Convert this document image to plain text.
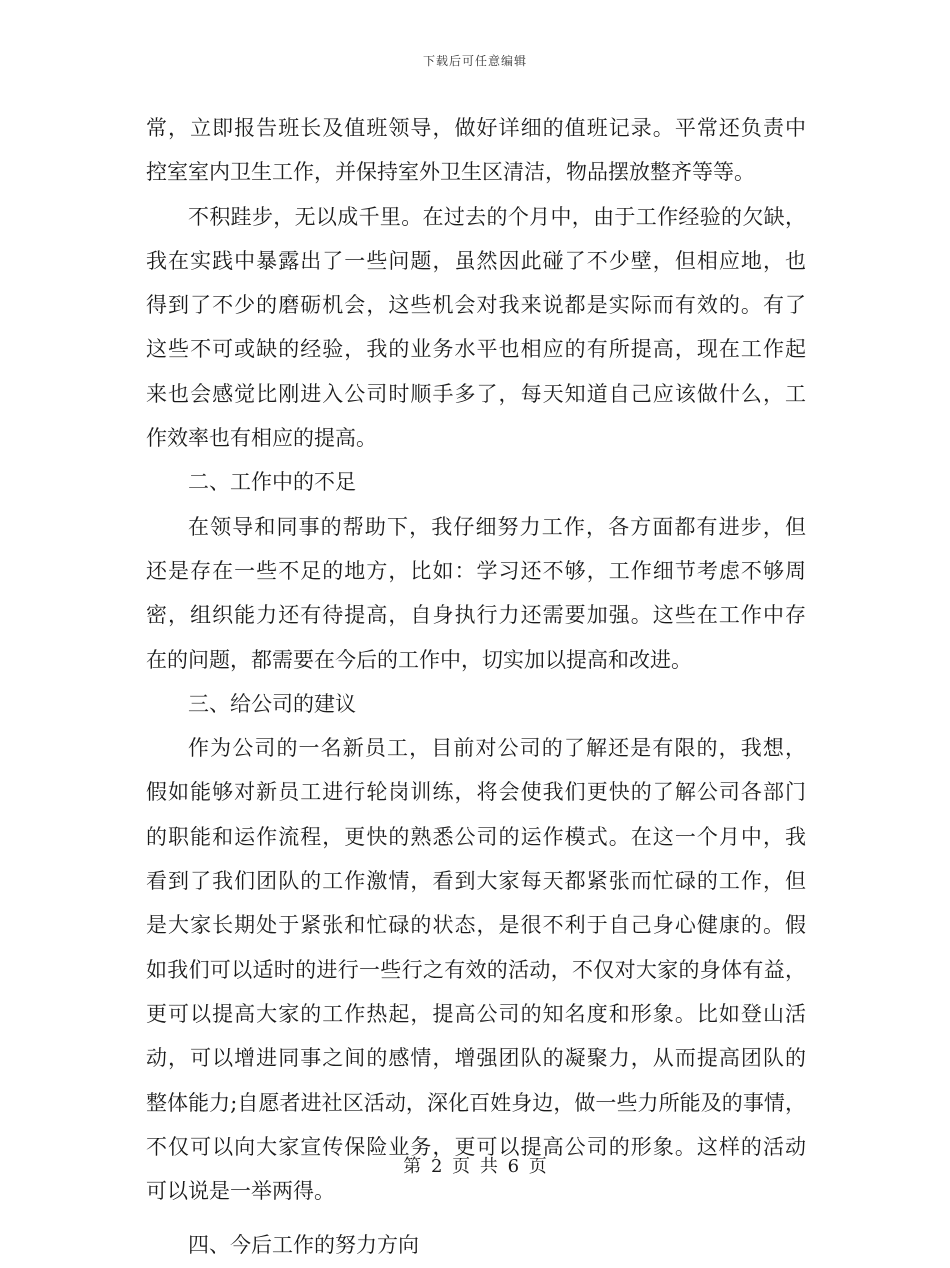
下载后可任意编辑
常，立即报告班长及值班领导，做好详细的值班记录。平常还负责中
控室室内卫生工作，并保持室外卫生区清洁，物品摆放整齐等等。
不积跬步，无以成千里。在过去的个月中，由于工作经验的欠缺，
我在实践中暴露出了一些问题，虽然因此碰了不少壁，但相应地，也
得到了不少的磨砺机会，这些机会对我来说都是实际而有效的。有了
这些不可或缺的经验，我的业务水平也相应的有所提高，现在工作起
来也会感觉比刚进入公司时顺手多了，每天知道自己应该做什么，工
作效率也有相应的提高。
二、工作中的不足
在领导和同事的帮助下，我仔细努力工作，各方面都有进步，但
还是存在一些不足的地方，比如：学习还不够，工作细节考虑不够周
密，组织能力还有待提高，自身执行力还需要加强。这些在工作中存
在的问题，都需要在今后的工作中，切实加以提高和改进。
三、给公司的建议
作为公司的一名新员工，目前对公司的了解还是有限的，我想，
假如能够对新员工进行轮岗训练，将会使我们更快的了解公司各部门
的职能和运作流程，更快的熟悉公司的运作模式。在这一个月中，我
看到了我们团队的工作激情，看到大家每天都紧张而忙碌的工作，但
是大家长期处于紧张和忙碌的状态，是很不利于自己身心健康的。假
如我们可以适时的进行一些行之有效的活动，不仅对大家的身体有益，
更可以提高大家的工作热起，提高公司的知名度和形象。比如登山活
动，可以增进同事之间的感情，增强团队的凝聚力，从而提高团队的
整体能力;自愿者进社区活动，深化百姓身边，做一些力所能及的事情，
不仅可以向大家宣传保险业务，更可以提高公司的形象。这样的活动
可以说是一举两得。
四、今后工作的努力方向
第 2 页 共 6 页
